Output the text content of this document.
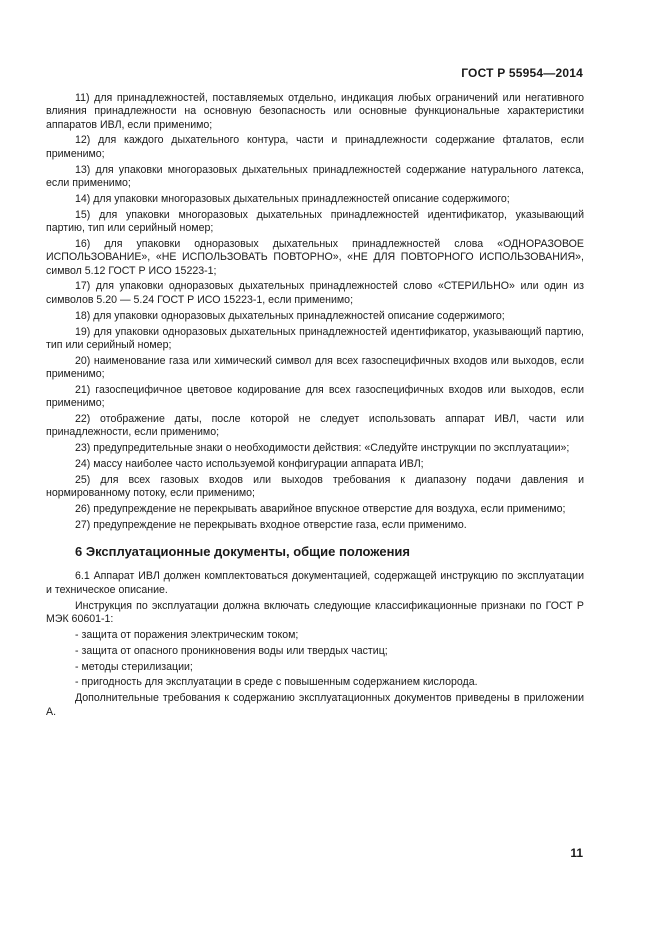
ГОСТ Р 55954—2014

11) для принадлежностей, поставляемых отдельно, индикация любых ограничений или негативного влияния принадлежности на основную безопасность или основные функциональные характеристики аппаратов ИВЛ, если применимо;

12) для каждого дыхательного контура, части и принадлежности содержание фталатов, если применимо;

13) для упаковки многоразовых дыхательных принадлежностей содержание натурального латекса, если применимо;

14) для упаковки многоразовых дыхательных принадлежностей описание содержимого;

15) для упаковки многоразовых дыхательных принадлежностей идентификатор, указывающий партию, тип или серийный номер;

16) для упаковки одноразовых дыхательных принадлежностей слова «ОДНОРАЗОВОЕ ИСПОЛЬЗОВАНИЕ», «НЕ ИСПОЛЬЗОВАТЬ ПОВТОРНО», «НЕ ДЛЯ ПОВТОРНОГО ИСПОЛЬЗОВАНИЯ», символ 5.12 ГОСТ Р ИСО 15223-1;

17) для упаковки одноразовых дыхательных принадлежностей слово «СТЕРИЛЬНО» или один из символов 5.20 — 5.24 ГОСТ Р ИСО 15223-1, если применимо;

18) для упаковки одноразовых дыхательных принадлежностей описание содержимого;

19) для упаковки одноразовых дыхательных принадлежностей идентификатор, указывающий партию, тип или серийный номер;

20) наименование газа или химический символ для всех газоспецифичных входов или выходов, если применимо;

21) газоспецифичное цветовое кодирование для всех газоспецифичных входов или выходов, если применимо;

22) отображение даты, после которой не следует использовать аппарат ИВЛ, части или принадлежности, если применимо;

23) предупредительные знаки о необходимости действия: «Следуйте инструкции по эксплуатации»;

24) массу наиболее часто используемой конфигурации аппарата ИВЛ;

25) для всех газовых входов или выходов требования к диапазону подачи давления и нормированному потоку, если применимо;

26) предупреждение не перекрывать аварийное впускное отверстие для воздуха, если применимо;

27) предупреждение не перекрывать входное отверстие газа, если применимо.

6 Эксплуатационные документы, общие положения

6.1 Аппарат ИВЛ должен комплектоваться документацией, содержащей инструкцию по эксплуатации и техническое описание.

Инструкция по эксплуатации должна включать следующие классификационные признаки по ГОСТ Р МЭК 60601-1:

- защита от поражения электрическим током;
- защита от опасного проникновения воды или твердых частиц;
- методы стерилизации;
- пригодность для эксплуатации в среде с повышенным содержанием кислорода.

Дополнительные требования к содержанию эксплуатационных документов приведены в приложении А.

11
